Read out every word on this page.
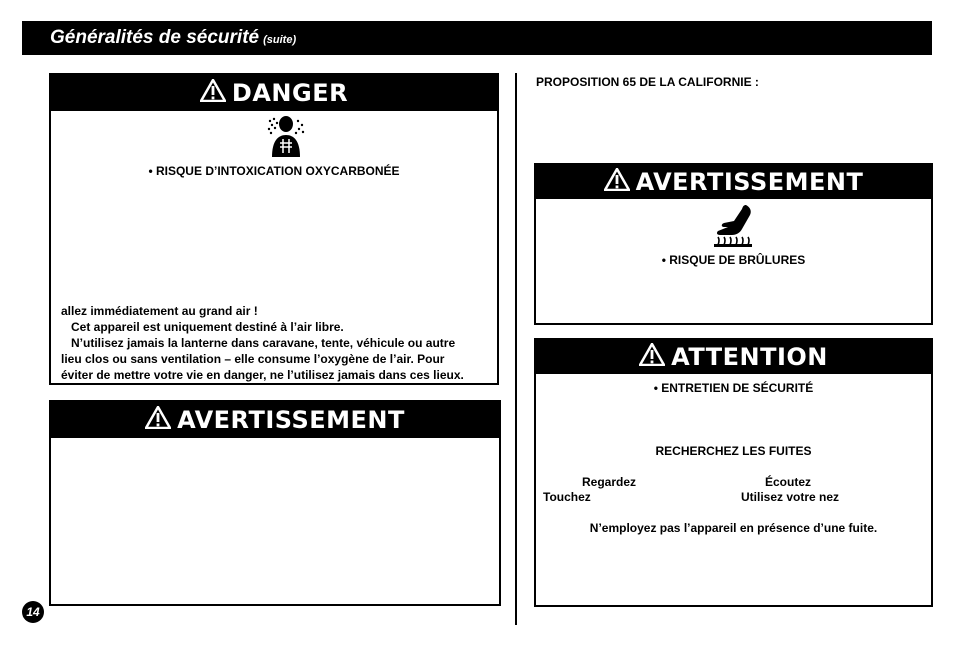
Généralités de sécurité (suite)
DANGER
• RISQUE D’INTOXICATION OXYCARBONÉE
allez immédiatement au grand air !
Cet appareil est uniquement destiné à l’air libre.
N’utilisez jamais la lanterne dans caravane, tente, véhicule ou autre
lieu clos ou sans ventilation – elle consume l’oxygène de l’air. Pour
éviter de mettre votre vie en danger, ne l’utilisez jamais dans ces lieux.
AVERTISSEMENT
PROPOSITION 65 DE LA CALIFORNIE :
AVERTISSEMENT
• RISQUE DE BRÛLURES
ATTENTION
• ENTRETIEN DE SÉCURITÉ
RECHERCHEZ LES FUITES
Regardez	Écoutez
Touchez	Utilisez votre nez
N’employez pas l’appareil en présence d’une fuite.
14
